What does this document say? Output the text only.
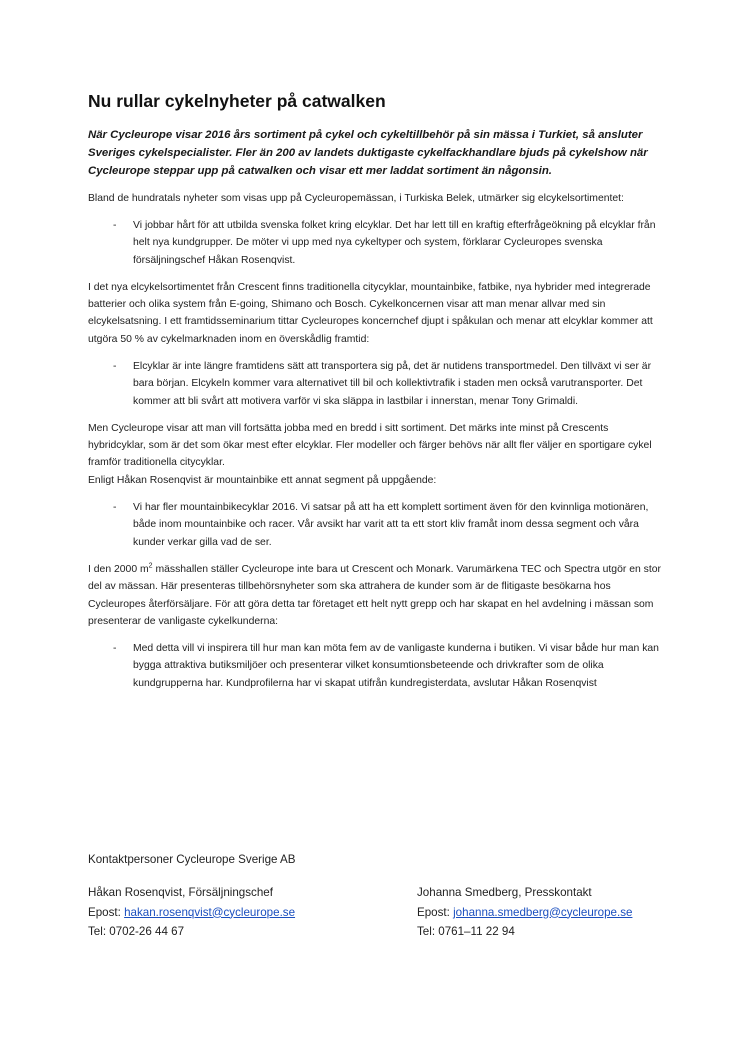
Nu rullar cykelnyheter på catwalken

När Cycleurope visar 2016 års sortiment på cykel och cykeltillbehör på sin mässa i Turkiet, så ansluter Sveriges cykelspecialister. Fler än 200 av landets duktigaste cykelfackhandlare bjuds på cykelshow när Cycleurope steppar upp på catwalken och visar ett mer laddat sortiment än någonsin.

Bland de hundratals nyheter som visas upp på Cycleuropemässan, i Turkiska Belek, utmärker sig elcykelsortimentet:

- Vi jobbar hårt för att utbilda svenska folket kring elcyklar. Det har lett till en kraftig efterfrågeökning på elcyklar från helt nya kundgrupper. De möter vi upp med nya cykeltyper och system, förklarar Cycleuropes svenska försäljningschef Håkan Rosenqvist.

I det nya elcykelsortimentet från Crescent finns traditionella citycyklar, mountainbike, fatbike, nya hybrider med integrerade batterier och olika system från E-going, Shimano och Bosch. Cykelkoncernen visar att man menar allvar med sin elcykelsatsning. I ett framtidsseminarium tittar Cycleuropes koncernchef djupt i spåkulan och menar att elcyklar kommer att utgöra 50 % av cykelmarknaden inom en överskådlig framtid:

- Elcyklar är inte längre framtidens sätt att transportera sig på, det är nutidens transportmedel. Den tillväxt vi ser är bara början. Elcykeln kommer vara alternativet till bil och kollektivtrafik i staden men också varutransporter. Det kommer att bli svårt att motivera varför vi ska släppa in lastbilar i innerstan, menar Tony Grimaldi.

Men Cycleurope visar att man vill fortsätta jobba med en bredd i sitt sortiment. Det märks inte minst på Crescents hybridcyklar, som är det som ökar mest efter elcyklar. Fler modeller och färger behövs när allt fler väljer en sportigare cykel framför traditionella citycyklar.

Enligt Håkan Rosenqvist är mountainbike ett annat segment på uppgående:

- Vi har fler mountainbikecyklar 2016. Vi satsar på att ha ett komplett sortiment även för den kvinnliga motionären, både inom mountainbike och racer. Vår avsikt har varit att ta ett stort kliv framåt inom dessa segment och våra kunder verkar gilla vad de ser.

I den 2000 $m^2$ mässhallen ställer Cycleurope inte bara ut Crescent och Monark. Varumärkena TEC och Spectra utgör en stor del av mässan. Här presenteras tillbehörsnyheter som ska attrahera de kunder som är de flitigaste besökarna hos Cycleuropes återförsäljare. För att göra detta tar företaget ett helt nytt grepp och har skapat en hel avdelning i mässan som presenterar de vanligaste cykelkunderna:

- Med detta vill vi inspirera till hur man kan möta fem av de vanligaste kunderna i butiken. Vi visar både hur man kan bygga attraktiva butiksmiljöer och presenterar vilket konsumtionsbeteende och drivkrafter som de olika kundgrupperna har. Kundprofilerna har vi skapat utifrån kundregisterdata, avslutar Håkan Rosenqvist
Kontaktpersoner Cycleurope Sverige AB
Håkan Rosenqvist, Försäljningschef
Epost: hakan.rosenqvist@cycleurope.se
Tel: 0702-26 44 67
Johanna Smedberg, Presskontakt
Epost: johanna.smedberg@cycleurope.se
Tel: 0761–11 22 94
